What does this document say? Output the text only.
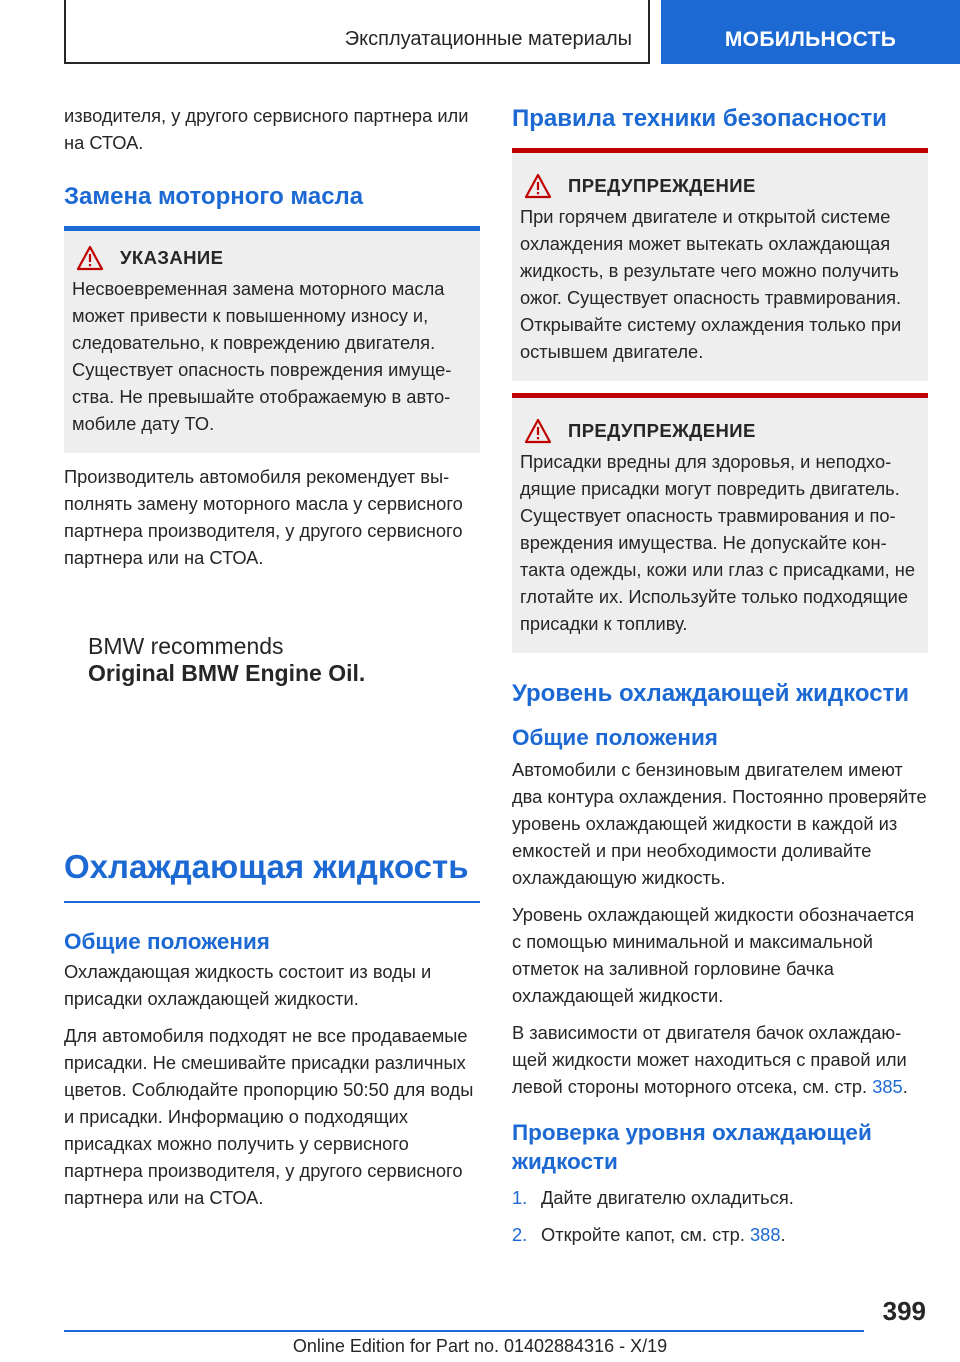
Эксплуатационные материалы	МОБИЛЬНОСТЬ

изводителя, у другого сервисного партнера или на СТОА.

Замена моторного масла
УКАЗАНИЕ

Несвоевременная замена моторного масла может привести к повышенному износу и, следовательно, к повреждению двигателя. Существует опасность повреждения имущества. Не превышайте отображаемую в автомобиле дату ТО.

Производитель автомобиля рекомендует выполнять замену моторного масла у сервисного партнера производителя, у другого сервисного партнера или на СТОА.

BMW recommends
Original BMW Engine Oil.
Охлаждающая жидкость
Общие положения

Охлаждающая жидкость состоит из воды и присадки охлаждающей жидкости.

Для автомобиля подходят не все продаваемые присадки. Не смешивайте присадки различных цветов. Соблюдайте пропорцию 50:50 для воды и присадки. Информацию о подходящих присадках можно получить у сервисного партнера производителя, у другого сервисного партнера или на СТОА.

Правила техники безопасности
ПРЕДУПРЕЖДЕНИЕ

При горячем двигателе и открытой системе охлаждения может вытекать охлаждающая жидкость, в результате чего можно получить ожог. Существует опасность травмирования. Открывайте систему охлаждения только при остывшем двигателе.

ПРЕДУПРЕЖДЕНИЕ

Присадки вредны для здоровья, и неподходящие присадки могут повредить двигатель. Существует опасность травмирования и повреждения имущества. Не допускайте контакта одежды, кожи или глаз с присадками, не глотайте их. Используйте только подходящие присадки к топливу.

Уровень охлаждающей жидкости
Общие положения

Автомобили с бензиновым двигателем имеют два контура охлаждения. Постоянно проверяйте уровень охлаждающей жидкости в каждой из емкостей и при необходимости доливайте охлаждающую жидкость.

Уровень охлаждающей жидкости обозначается с помощью минимальной и максимальной отметок на заливной горловине бачка охлаждающей жидкости.

В зависимости от двигателя бачок охлаждающей жидкости может находиться с правой или левой стороны моторного отсека, см. стр. 385.

Проверка уровня охлаждающей жидкости
1. Дайте двигателю охладиться.
2. Откройте капот, см. стр. 388.
399
Online Edition for Part no. 01402884316 - X/19
